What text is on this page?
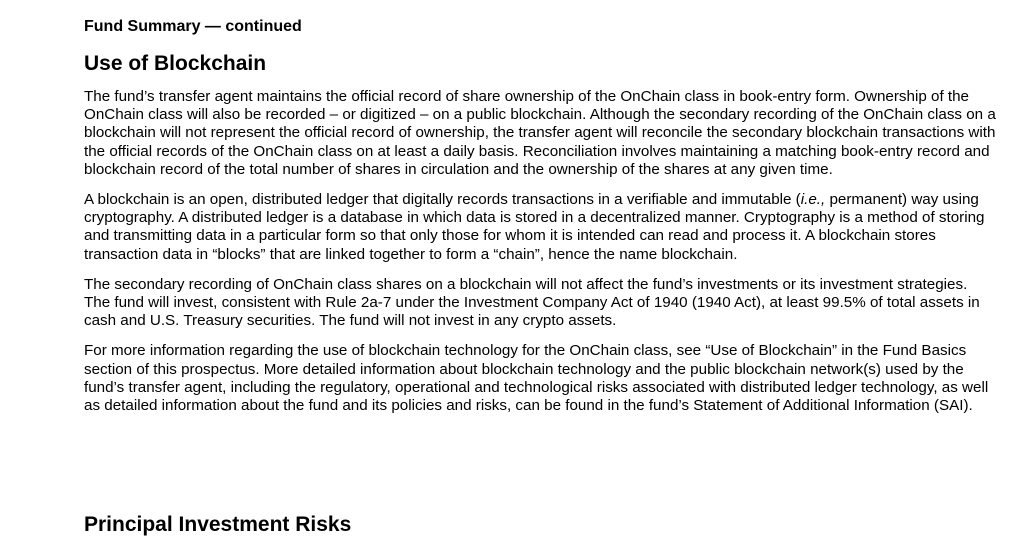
Fund Summary — continued
Use of Blockchain

The fund’s transfer agent maintains the official record of share ownership of the OnChain class in book-entry form. Ownership of the OnChain class will also be recorded – or digitized – on a public blockchain. Although the secondary recording of the OnChain class on a blockchain will not represent the official record of ownership, the transfer agent will reconcile the secondary blockchain transactions with the official records of the OnChain class on at least a daily basis. Reconciliation involves maintaining a matching book-entry record and blockchain record of the total number of shares in circulation and the ownership of the shares at any given time.

A blockchain is an open, distributed ledger that digitally records transactions in a verifiable and immutable (i.e., permanent) way using cryptography. A distributed ledger is a database in which data is stored in a decentralized manner. Cryptography is a method of storing and transmitting data in a particular form so that only those for whom it is intended can read and process it. A blockchain stores transaction data in “blocks” that are linked together to form a “chain”, hence the name blockchain.

The secondary recording of OnChain class shares on a blockchain will not affect the fund’s investments or its investment strategies. The fund will invest, consistent with Rule 2a-7 under the Investment Company Act of 1940 (1940 Act), at least 99.5% of total assets in cash and U.S. Treasury securities. The fund will not invest in any crypto assets.

For more information regarding the use of blockchain technology for the OnChain class, see “Use of Blockchain” in the Fund Basics section of this prospectus. More detailed information about blockchain technology and the public blockchain network(s) used by the fund’s transfer agent, including the regulatory, operational and technological risks associated with distributed ledger technology, as well as detailed information about the fund and its policies and risks, can be found in the fund’s Statement of Additional Information (SAI).

Principal Investment Risks
